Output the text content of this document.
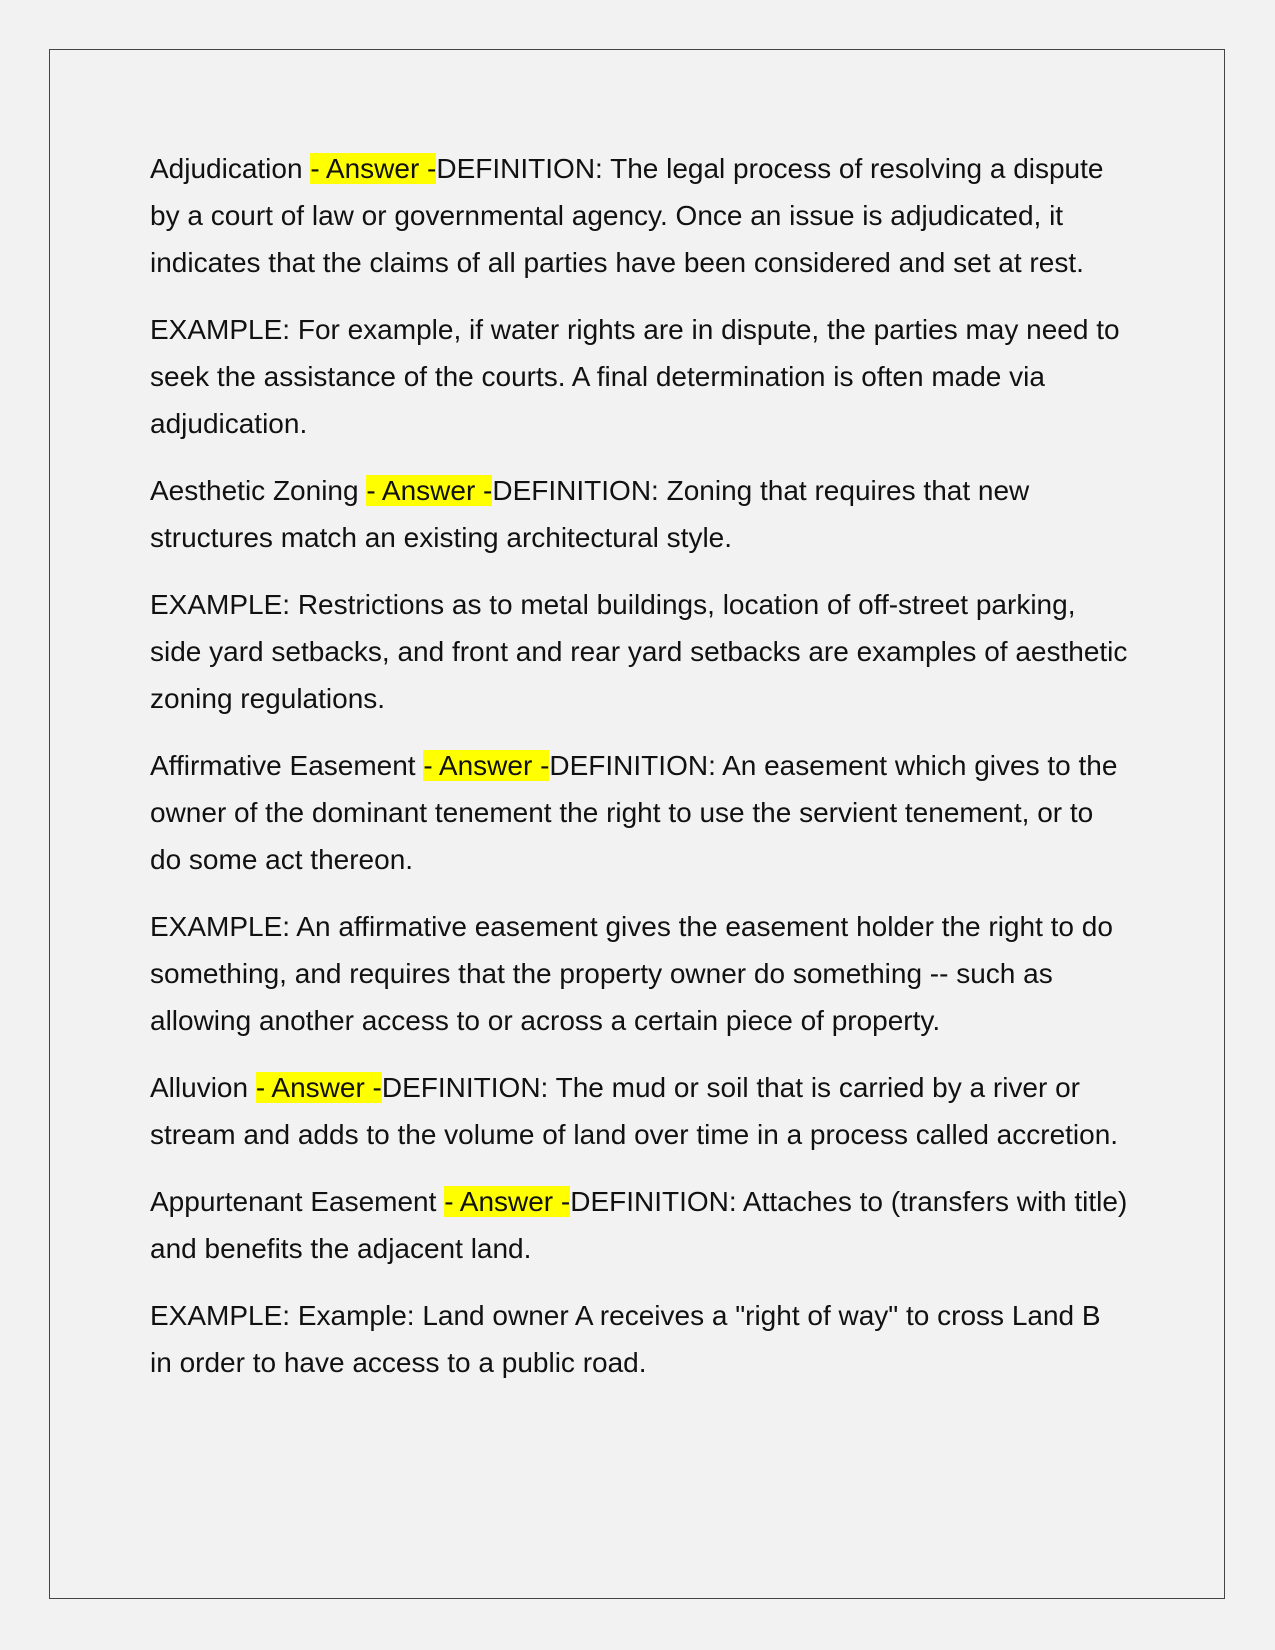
Adjudication - Answer -DEFINITION: The legal process of resolving a dispute by a court of law or governmental agency. Once an issue is adjudicated, it indicates that the claims of all parties have been considered and set at rest.

EXAMPLE: For example, if water rights are in dispute, the parties may need to seek the assistance of the courts. A final determination is often made via adjudication.

Aesthetic Zoning - Answer -DEFINITION: Zoning that requires that new structures match an existing architectural style.

EXAMPLE: Restrictions as to metal buildings, location of off-street parking, side yard setbacks, and front and rear yard setbacks are examples of aesthetic zoning regulations.

Affirmative Easement - Answer -DEFINITION: An easement which gives to the owner of the dominant tenement the right to use the servient tenement, or to do some act thereon.

EXAMPLE: An affirmative easement gives the easement holder the right to do something, and requires that the property owner do something -- such as allowing another access to or across a certain piece of property.

Alluvion - Answer -DEFINITION: The mud or soil that is carried by a river or stream and adds to the volume of land over time in a process called accretion.

Appurtenant Easement - Answer -DEFINITION: Attaches to (transfers with title) and benefits the adjacent land.

EXAMPLE: Example: Land owner A receives a "right of way" to cross Land B in order to have access to a public road.
